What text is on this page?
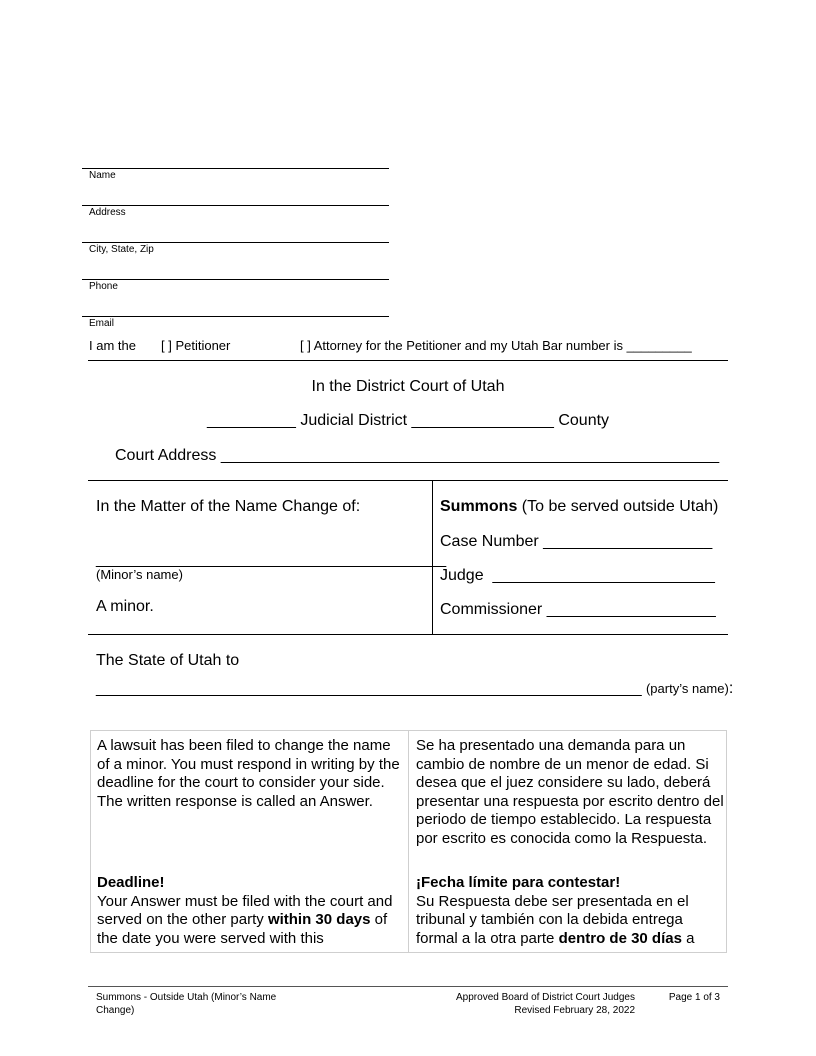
Name
Address
City, State, Zip
Phone
Email
I am the [ ] Petitioner	[ ] Attorney for the Petitioner and my Utah Bar number is _________
In the District Court of Utah
__________ Judicial District ________________ County
Court Address ________________________________________________________
In the Matter of the Name Change of:
________________________________________
(Minor’s name)
A minor.
Summons (To be served outside Utah)
Case Number ___________________
Judge  _________________________
Commissioner ___________________
The State of Utah to
______________________________________________________________ (party’s name):

A lawsuit has been filed to change the name of a minor. You must respond in writing by the deadline for the court to consider your side. The written response is called an Answer.

Deadline!

Your Answer must be filed with the court and served on the other party within 30 days of the date you were served with this

Se ha presentado una demanda para un cambio de nombre de un menor de edad. Si desea que el juez considere su lado, deberá presentar una respuesta por escrito dentro del periodo de tiempo establecido. La respuesta por escrito es conocida como la Respuesta.

¡Fecha límite para contestar!

Su Respuesta debe ser presentada en el tribunal y también con la debida entrega formal a la otra parte dentro de 30 días a

Summons - Outside Utah (Minor’s Name Change)
Approved Board of District Court Judges
Revised February 28, 2022
Page 1 of 3
